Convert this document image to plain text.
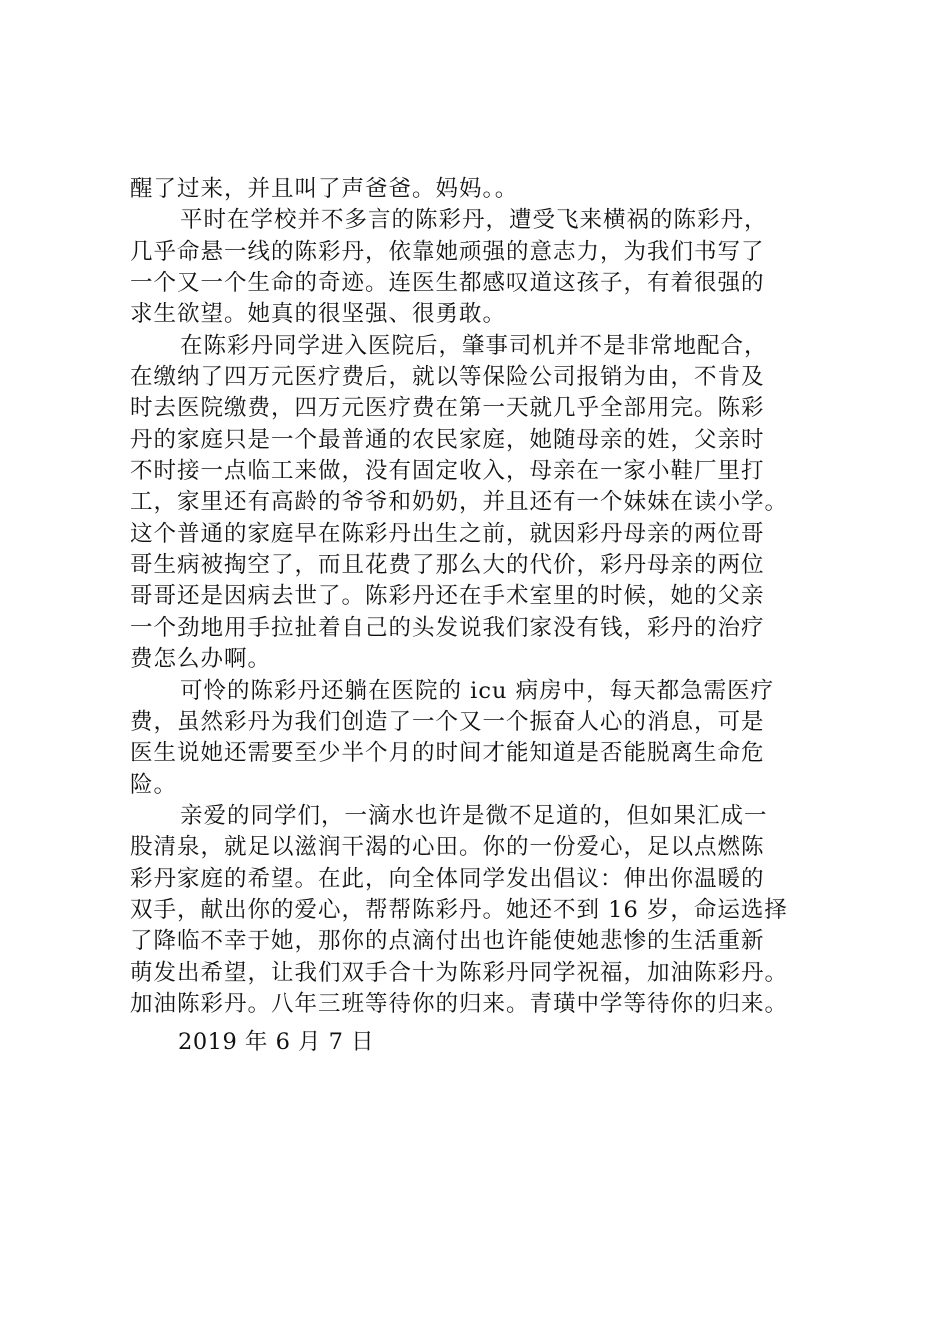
醒了过来，并且叫了声爸爸。妈妈。。
平时在学校并不多言的陈彩丹，遭受飞来横祸的陈彩丹，
几乎命悬一线的陈彩丹，依靠她顽强的意志力，为我们书写了
一个又一个生命的奇迹。连医生都感叹道这孩子，有着很强的
求生欲望。她真的很坚强、很勇敢。
在陈彩丹同学进入医院后，肇事司机并不是非常地配合，
在缴纳了四万元医疗费后，就以等保险公司报销为由，不肯及
时去医院缴费，四万元医疗费在第一天就几乎全部用完。陈彩
丹的家庭只是一个最普通的农民家庭，她随母亲的姓，父亲时
不时接一点临工来做，没有固定收入，母亲在一家小鞋厂里打
工，家里还有高龄的爷爷和奶奶，并且还有一个妹妹在读小学。
这个普通的家庭早在陈彩丹出生之前，就因彩丹母亲的两位哥
哥生病被掏空了，而且花费了那么大的代价，彩丹母亲的两位
哥哥还是因病去世了。陈彩丹还在手术室里的时候，她的父亲
一个劲地用手拉扯着自己的头发说我们家没有钱，彩丹的治疗
费怎么办啊。
可怜的陈彩丹还躺在医院的 icu 病房中，每天都急需医疗
费，虽然彩丹为我们创造了一个又一个振奋人心的消息，可是
医生说她还需要至少半个月的时间才能知道是否能脱离生命危
险。
亲爱的同学们，一滴水也许是微不足道的，但如果汇成一
股清泉，就足以滋润干渴的心田。你的一份爱心，足以点燃陈
彩丹家庭的希望。在此，向全体同学发出倡议：伸出你温暖的
双手，献出你的爱心，帮帮陈彩丹。她还不到 16 岁，命运选择
了降临不幸于她，那你的点滴付出也许能使她悲惨的生活重新
萌发出希望，让我们双手合十为陈彩丹同学祝福，加油陈彩丹。
加油陈彩丹。八年三班等待你的归来。青璜中学等待你的归来。
2019 年 6 月 7 日
